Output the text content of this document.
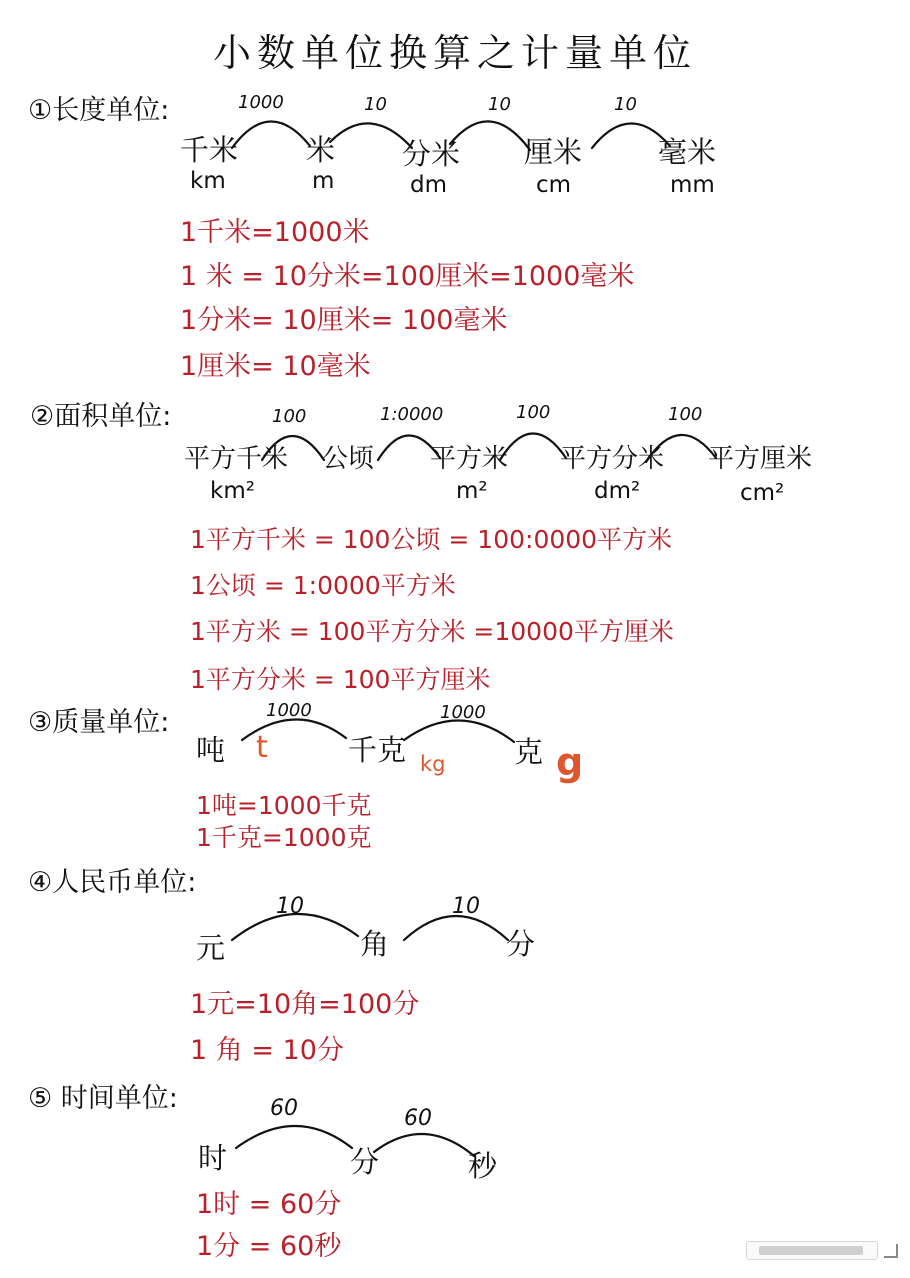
小数单位换算之计量单位
①长度单位:	1000	10	10	10
千米 米 分米 厘米	毫米
km	m	dm	cm	mm
1千米=1000米
1 米 = 10分米=100厘米=1000毫米
1分米= 10厘米= 100毫米
1厘米= 10毫米
②面积单位:	100	1:0000	100	100
平方千米 公顷 平方米 平方分米 平方厘米
km²	m²	dm²	cm²
1平方千米 = 100公顷 = 100:0000平方米
1公顷 = 1:0000平方米
1平方米 = 100平方分米 =10000平方厘米
1平方分米 = 100平方厘米
③质量单位:	1000	1000
吨 t	千克 kg 克 g
1吨=1000千克
1千克=1000克
④人民币单位:
10	10
元	角	分
1元=10角=100分
1 角 = 10分
⑤ 时间单位:	60	60
时	分	秒
1时 = 60分
1分 = 60秒
